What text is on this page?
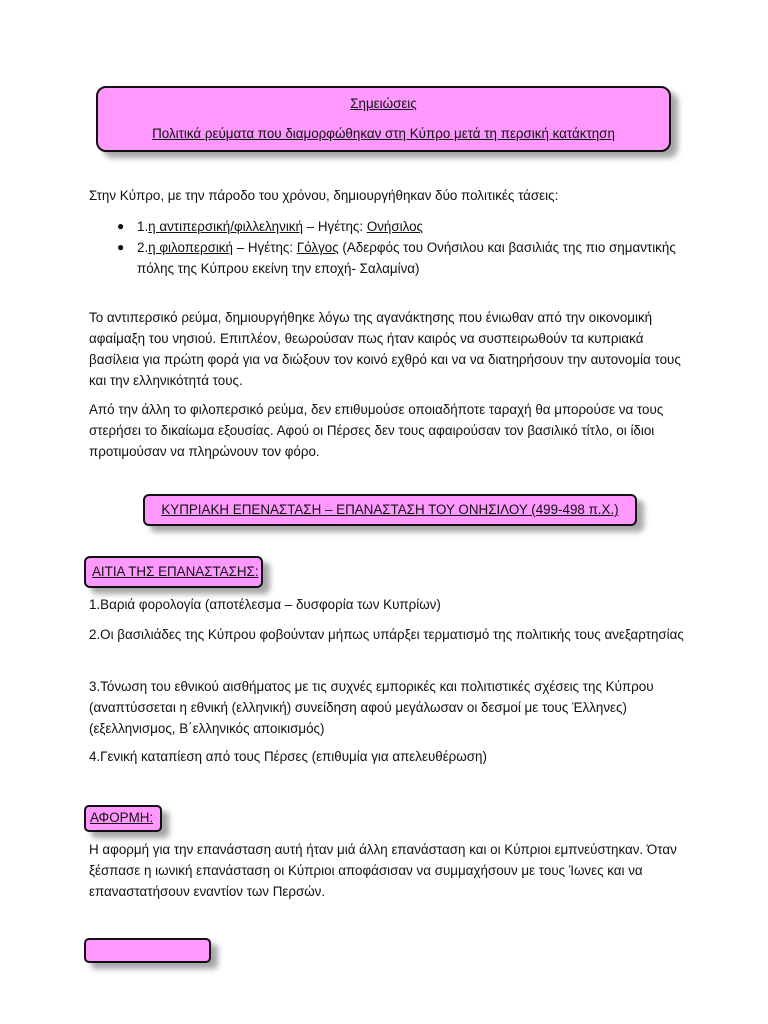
Σημειώσεις
Πολιτικά ρεύματα που διαμορφώθηκαν στη Κύπρο μετά τη περσική κατάκτηση
Στην Κύπρο, με την πάροδο του χρόνου, δημιουργήθηκαν δύο πολιτικές τάσεις:
● 1.η αντιπερσική/φιλλεληνική – Ηγέτης: Ονήσιλος
● 2.η φιλοπερσική – Ηγέτης: Γόλγος (Αδερφός του Ονήσιλου και βασιλιάς της πιο σημαντικής πόλης της Κύπρου εκείνη την εποχή- Σαλαμίνα)
Το αντιπερσικό ρεύμα, δημιουργήθηκε λόγω της αγανάκτησης που ένιωθαν από την οικονομική αφαίμαξη του νησιού. Επιπλέον, θεωρούσαν πως ήταν καιρός να συσπειρωθούν τα κυπριακά βασίλεια για πρώτη φορά για να διώξουν τον κοινό εχθρό και να να διατηρήσουν την αυτονομία τους και την ελληνικότητά τους.
Από την άλλη το φιλοπερσικό ρεύμα, δεν επιθυμούσε οποιαδήποτε ταραχή θα μπορούσε να τους στερήσει το δικαίωμα εξουσίας. Αφού οι Πέρσες δεν τους αφαιρούσαν τον βασιλικό τίτλο, οι ίδιοι προτιμούσαν να πληρώνουν τον φόρο.
ΚΥΠΡΙΑΚΗ ΕΠΕΝΑΣΤΑΣΗ – ΕΠΑΝΑΣΤΑΣΗ ΤΟΥ ΟΝΗΣΙΛΟΥ (499-498 π.Χ.)
ΑΙΤΙΑ ΤΗΣ ΕΠΑΝΑΣΤΑΣΗΣ:
1.Βαριά φορολογία (αποτέλεσμα – δυσφορία των Κυπρίων)
2.Οι βασιλιάδες της Κύπρου φοβούνταν μήπως υπάρξει τερματισμό της πολιτικής τους ανεξαρτησίας
3.Τόνωση του εθνικού αισθήματος με τις συχνές εμπορικές και πολιτιστικές σχέσεις της Κύπρου (αναπτύσσεται η εθνική (ελληνική) συνείδηση αφού μεγάλωσαν οι δεσμοί με τους Έλληνες) (εξελληνισμος, Β΄ελληνικός αποικισμός)
4.Γενική καταπίεση από τους Πέρσες (επιθυμία για απελευθέρωση)
ΑΦΟΡΜΗ:
Η αφορμή για την επανάσταση αυτή ήταν μιά άλλη επανάσταση και οι Κύπριοι εμπνεύστηκαν. Όταν ξέσπασε η ιωνική επανάσταση οι Κύπριοι αποφάσισαν να συμμαχήσουν με τους Ίωνες και να επαναστατήσουν εναντίον των Περσών.
